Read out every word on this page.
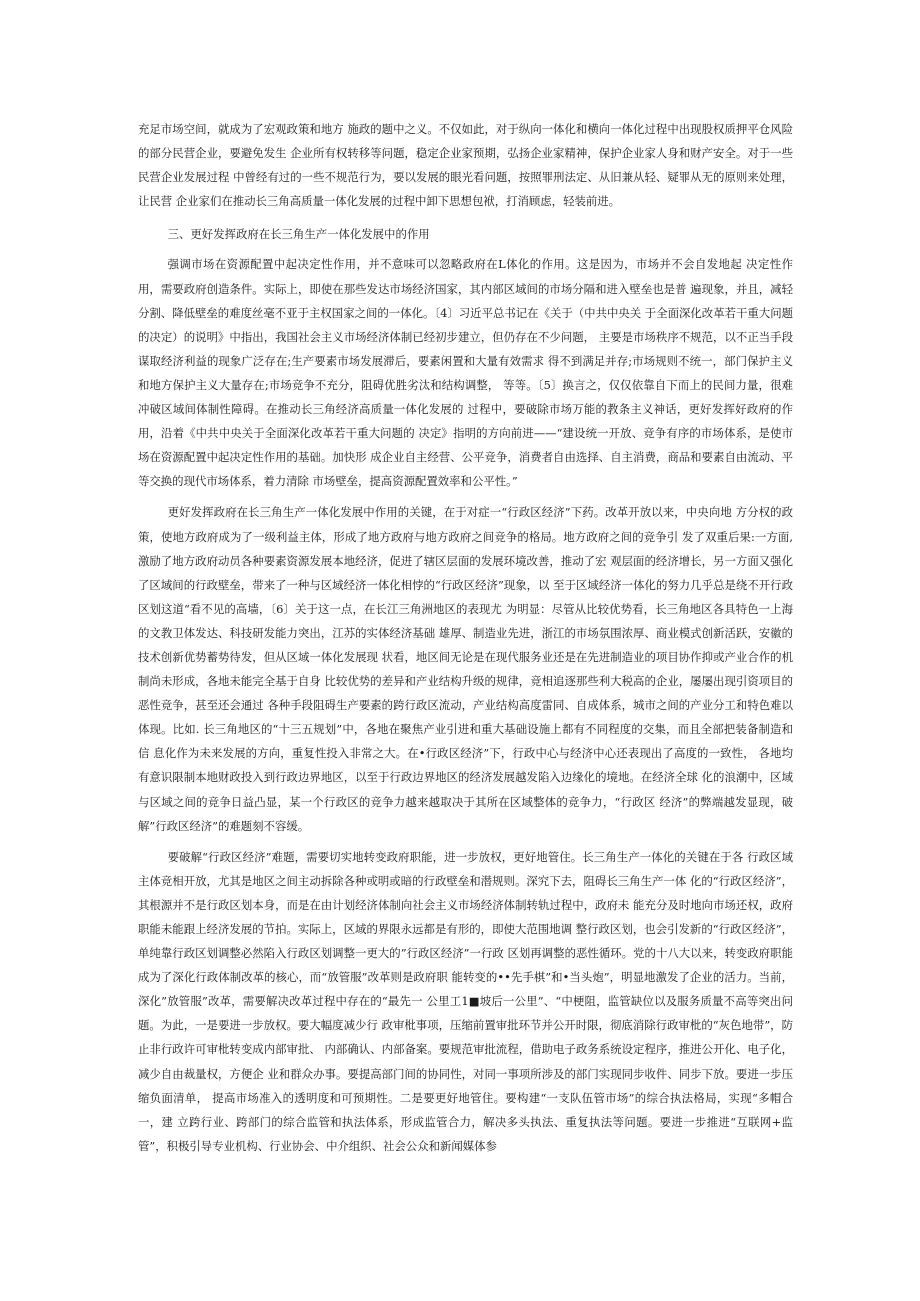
充足市场空间，就成为了宏观政策和地方 施政的题中之义。不仅如此，对于纵向一体化和横向一体化过程中出现股权质押平仓风险的部分民营企业，要避免发生 企业所有权转移等问题，稳定企业家预期，弘扬企业家精神，保护企业家人身和财产安全。对于一些民营企业发展过程 中曾经有过的一些不规范行为，要以发展的眼光看问题，按照罪刑法定、从旧兼从轻、疑罪从无的原则来处理，让民营 企业家们在推动长三角高质量一体化发展的过程中卸下思想包袱，打消顾虑，轻装前进。

三、更好发挥政府在长三角生产一体化发展中的作用

强调市场在资源配置中起决定性作用，并不意味可以忽略政府在L体化的作用。这是因为，市场并不会自发地起 决定性作用，需要政府创造条件。实际上，即使在那些发达市场经济国家，其内部区域间的市场分隔和进入壁垒也是普 遍现象，并且，减轻分割、降低壁垒的难度丝毫不亚于主权国家之间的一体化。〔4〕习近平总书记在《关于（中共中央关 于全面深化改革若干重大问题的决定）的说明》中指出，我国社会主义市场经济体制已经初步建立，但仍存在不少问题， 主要是市场秩序不规范，以不正当手段谋取经济利益的现象广泛存在;生产要素市场发展滞后，要素闲置和大量有效需求 得不到满足并存;市场规则不统一，部门保护主义和地方保护主义大量存在;市场竞争不充分，阻碍优胜劣汰和结构调整， 等等。〔5〕换言之，仅仅依靠自下而上的民间力量，很难冲破区域间体制性障碍。在推动长三角经济高质量一体化发展的 过程中，要破除市场万能的教条主义神话，更好发挥好政府的作用，沿着《中共中央关于全面深化改革若干重大问题的 决定》指明的方向前进——“建设统一开放、竞争有序的市场体系，是使市场在资源配置中起决定性作用的基础。加快形 成企业自主经营、公平竞争，消费者自由选择、自主消费，商品和要素自由流动、平等交换的现代市场体系，着力清除 市场壁垒，提高资源配置效率和公平性。”

更好发挥政府在长三角生产一体化发展中作用的关键，在于对症一“行政区经济”下药。改革开放以来，中央向地 方分权的政策，使地方政府成为了一级利益主体，形成了地方政府与地方政府之间竞争的格局。地方政府之间的竞争引 发了双重后果:一方面,激励了地方政府动员各种要素资源发展本地经济，促进了辖区层面的发展环境改善，推动了宏 观层面的经济增长，另一方面又强化了区域间的行政壁垒，带来了一种与区域经济一体化相悖的“行政区经济”现象，以 至于区域经济一体化的努力几乎总是绕不开行政区划这道“看不见的高墙，〔6〕关于这一点，在长江三角洲地区的表现尤 为明显：尽管从比较优势看，长三角地区各具特色一上海的文教卫体发达、科技研发能力突出，江苏的实体经济基础 雄厚、制造业先进，浙江的市场氛围浓厚、商业模式创新活跃，安徽的技术创新优势蓄势待发，但从区域一体化发展现 状看，地区间无论是在现代服务业还是在先进制造业的项目协作抑或产业合作的机制尚未形成，各地未能完全基于自身 比较优势的差异和产业结构升级的规律，竞相追逐那些利大税高的企业，屡屡出现引资项目的恶性竞争，甚至还会通过 各种手段阻碍生产要素的跨行政区流动，产业结构高度雷同、自成体系，城市之间的产业分工和特色难以体现。比如. 长三角地区的“十三五规划”中，各地在聚焦产业引进和重大基础设施上都有不同程度的交集，而且全部把装备制造和信 息化作为未来发展的方向，重复性投入非常之大。在•行政区经济”下，行政中心与经济中心还表现出了高度的一致性， 各地均有意识限制本地财政投入到行政边界地区，以至于行政边界地区的经济发展越发陷入边缘化的境地。在经济全球 化的浪潮中，区域与区域之间的竞争日益凸显，某一个行政区的竞争力越来越取决于其所在区域整体的竞争力，“行政区 经济”的弊端越发显现，破解”行政区经济”的难题刻不容缓。

要破解“行政区经济”难题，需要切实地转变政府职能，进一步放权，更好地管住。长三角生产一体化的关键在于各 行政区域主体竞相开放，尤其是地区之间主动拆除各种或明或暗的行政壁垒和潜规则。深究下去，阻碍长三角生产一体 化的“行政区经济”，其根源并不是行政区划本身，而是在由计划经济体制向社会主义市场经济体制转轨过程中，政府未 能充分及时地向市场还权，政府职能未能跟上经济发展的节拍。实际上，区域的界限永远都是有形的，即使大范围地调 整行政区划，也会引发新的“行政区经济”，单纯靠行政区划调整必然陷入行政区划调整一更大的”行政区经济”一行政 区划再调整的恶性循环。党的十八大以来，转变政府职能成为了深化行政体制改革的核心，而“放管服”改革则是政府职 能转变的••先手棋”和•当头炮”，明显地激发了企业的活力。当前，深化”放管服”改革，需要解决改革过程中存在的“最先一 公里工1■坡后一公里”、“中梗阻，监管缺位以及服务质量不高等突出问题。为此，一是要进一步放权。要大幅度减少行 政审枇事项，压缩前置审批环节并公开时限，彻底消除行政审枇的“灰色地带”，防止非行政许可审枇转变成内部审批、 内部确认、内部备案。要规范审批流程，借助电子政务系统设定程序，推进公开化、电子化，减少自由裁量权，方便企 业和群众办事。要提高部门间的协同性，对同一事项所涉及的部门实现同步收件、同步下放。要进一步压缩负面清单， 提高市场准入的透明度和可预期性。二是要更好地管住。要构建“一支队伍管市场”的综合执法格局，实现“多帽合一，建 立跨行业、跨部门的综合监管和执法体系，形成监管合力，解决多头执法、重复执法等问题。要进一步推进“互联网+监 管”，积极引导专业机构、行业协会、中介组织、社会公众和新闻媒体参
